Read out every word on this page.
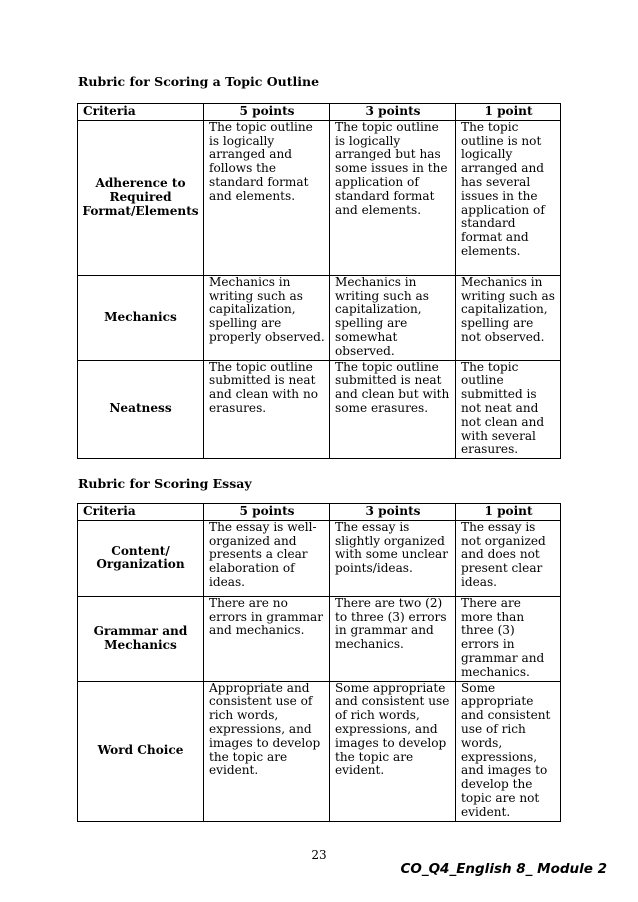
Rubric for Scoring a Topic Outline

Criteria	5 points	3 points	1 point
Adherence to Required Format/Elements	The topic outline is logically arranged and follows the standard format and elements.	The topic outline is logically arranged but has some issues in the application of standard format and elements.	The topic outline is not logically arranged and has several issues in the application of standard format and elements.
Mechanics	Mechanics in writing such as capitalization, spelling are properly observed.	Mechanics in writing such as capitalization, spelling are somewhat observed.	Mechanics in writing such as capitalization, spelling are not observed.
Neatness	The topic outline submitted is neat and clean with no erasures.	The topic outline submitted is neat and clean but with some erasures.	The topic outline submitted is not neat and not clean and with several erasures.

Rubric for Scoring Essay

Criteria	5 points	3 points	1 point
Content/ Organization	The essay is well-organized and presents a clear elaboration of ideas.	The essay is slightly organized with some unclear points/ideas.	The essay is not organized and does not present clear ideas.
Grammar and Mechanics	There are no errors in grammar and mechanics.	There are two (2) to three (3) errors in grammar and mechanics.	There are more than three (3) errors in grammar and mechanics.
Word Choice	Appropriate and consistent use of rich words, expressions, and images to develop the topic are evident.	Some appropriate and consistent use of rich words, expressions, and images to develop the topic are evident.	Some appropriate and consistent use of rich words, expressions, and images to develop the topic are not evident.
23
CO_Q4_English 8_ Module 2
